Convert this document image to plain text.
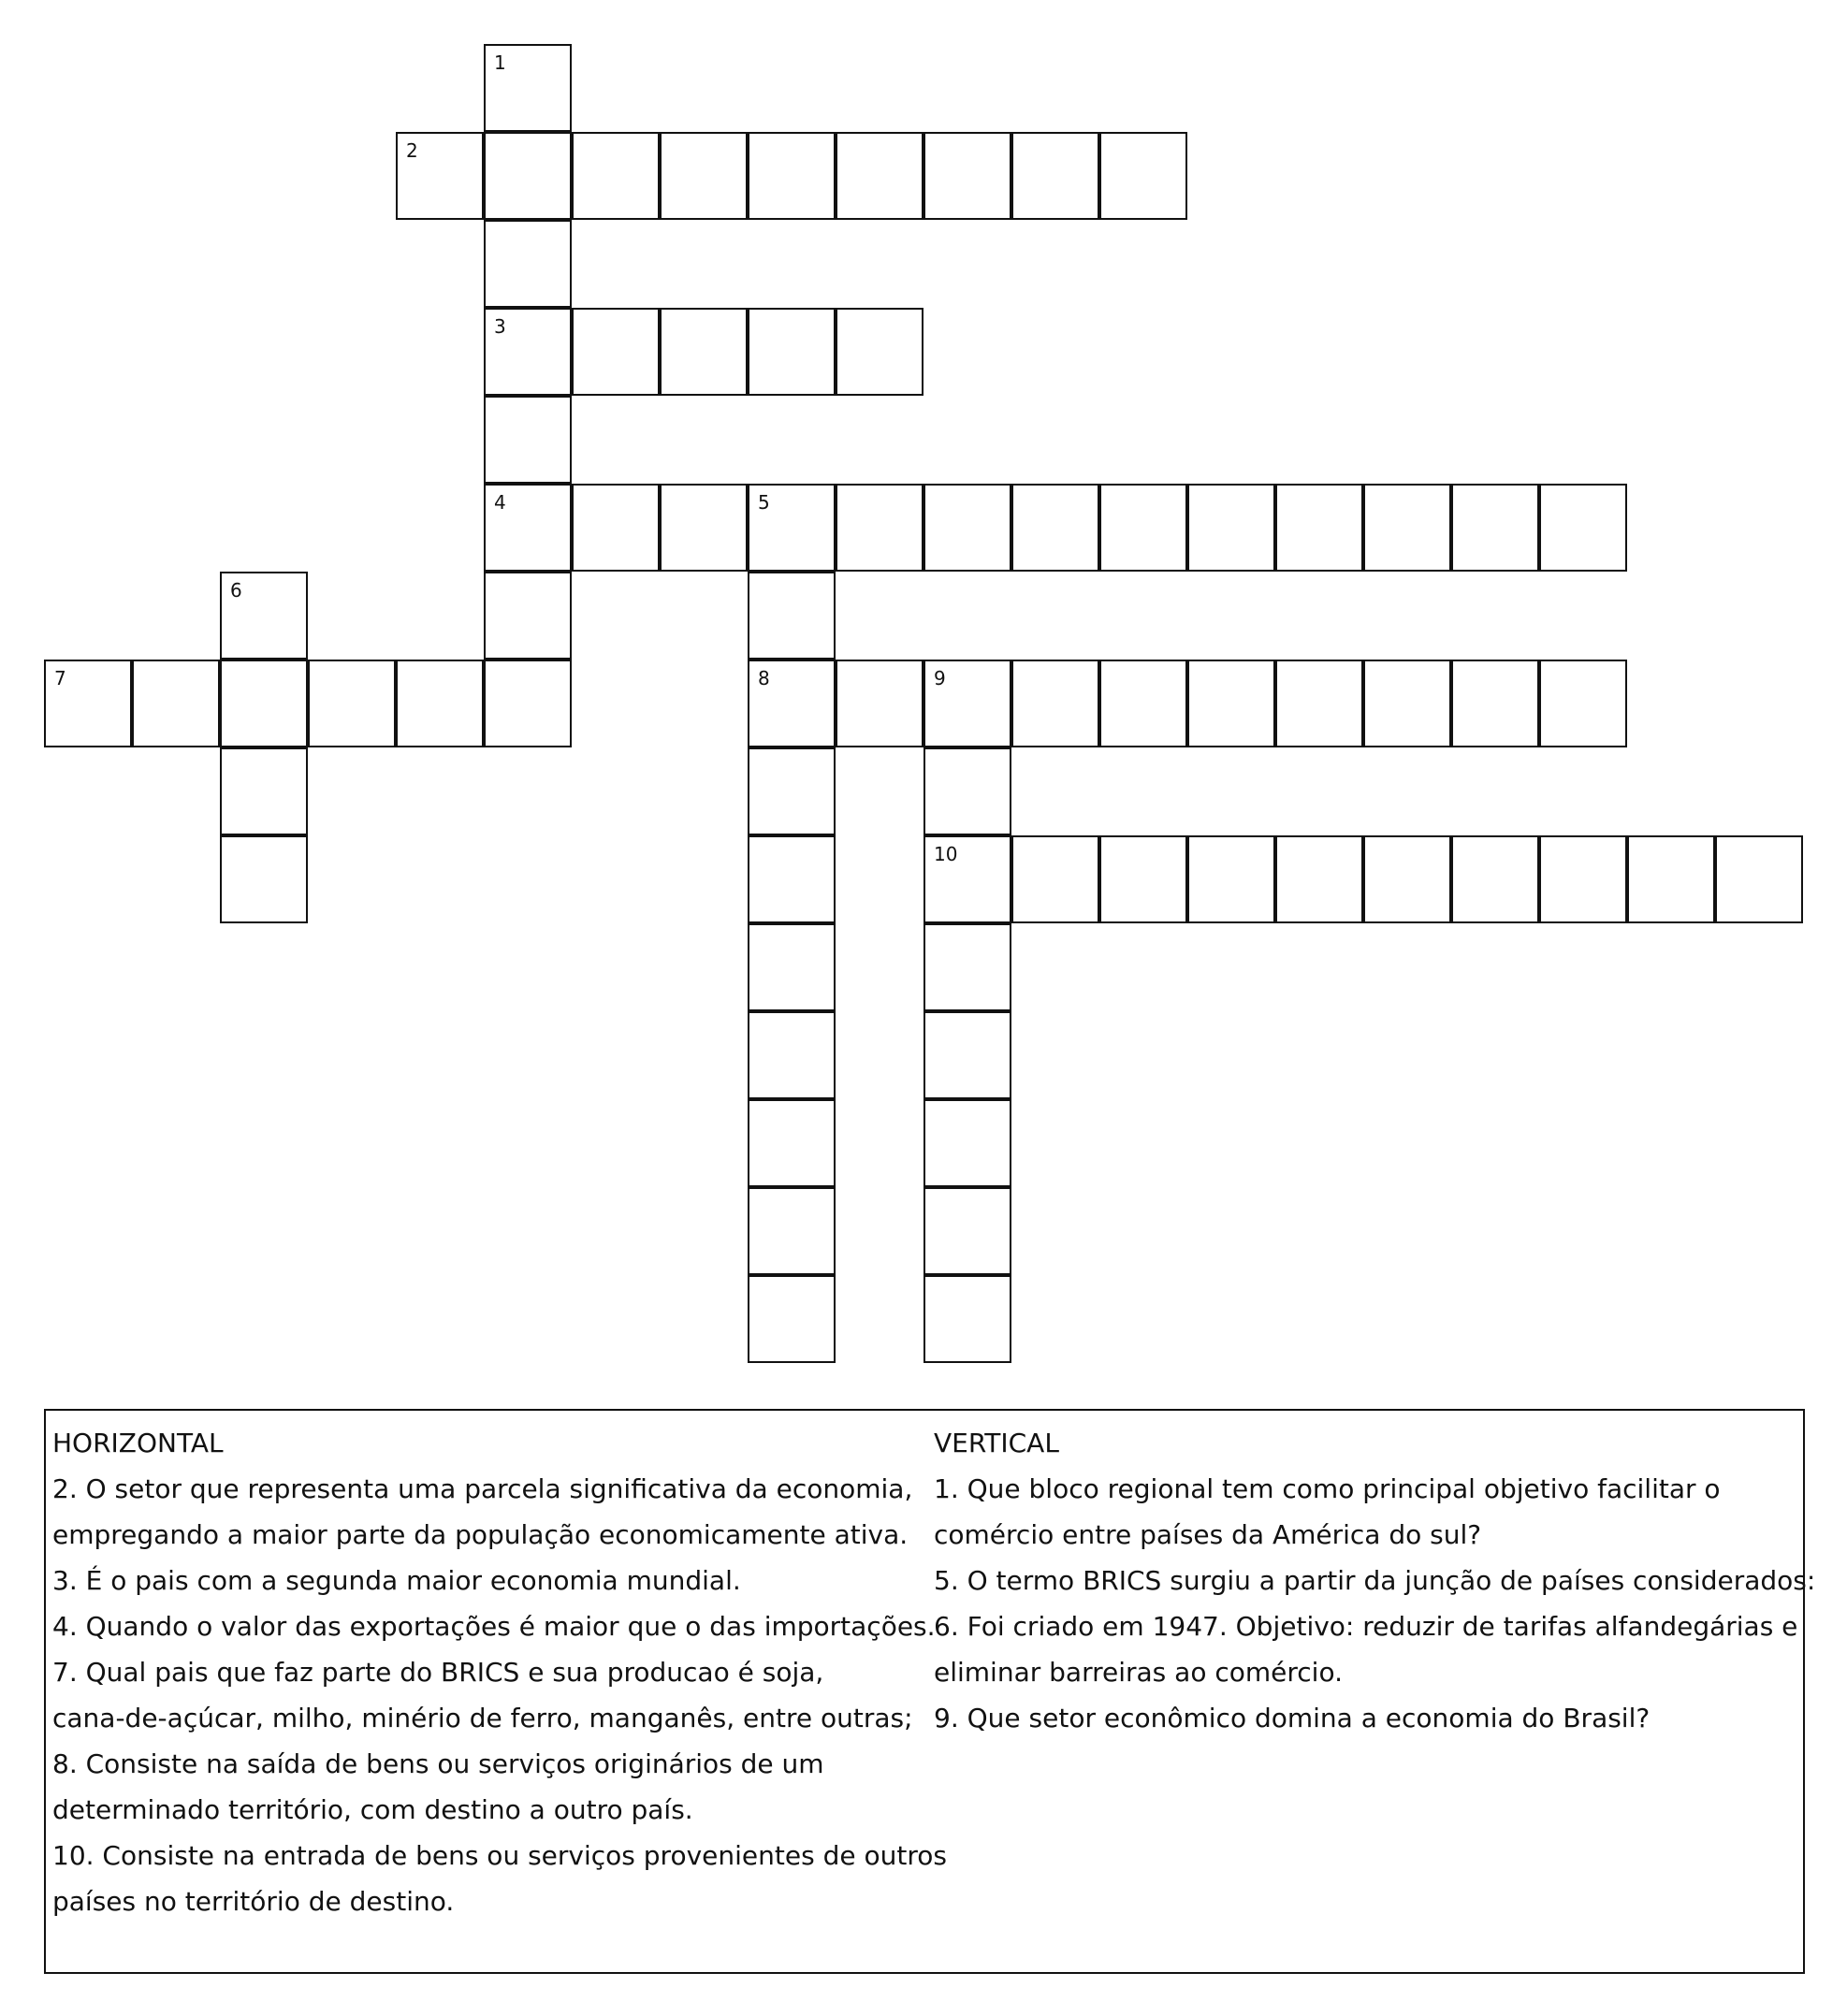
1
2
3
4	5
6
7	8	9
10
HORIZONTAL
2. O setor que representa uma parcela significativa da economia,
empregando a maior parte da população economicamente ativa.
3. É o pais com a segunda maior economia mundial.
4. Quando o valor das exportações é maior que o das importações.
7. Qual pais que faz parte do BRICS e sua producao é soja,
cana-de-açúcar, milho, minério de ferro, manganês, entre outras;
8. Consiste na saída de bens ou serviços originários de um
determinado território, com destino a outro país.
10. Consiste na entrada de bens ou serviços provenientes de outros
países no território de destino.
VERTICAL
1. Que bloco regional tem como principal objetivo facilitar o
comércio entre países da América do sul?
5. O termo BRICS surgiu a partir da junção de países considerados:
6. Foi criado em 1947. Objetivo: reduzir de tarifas alfandegárias e
eliminar barreiras ao comércio.
9. Que setor econômico domina a economia do Brasil?
